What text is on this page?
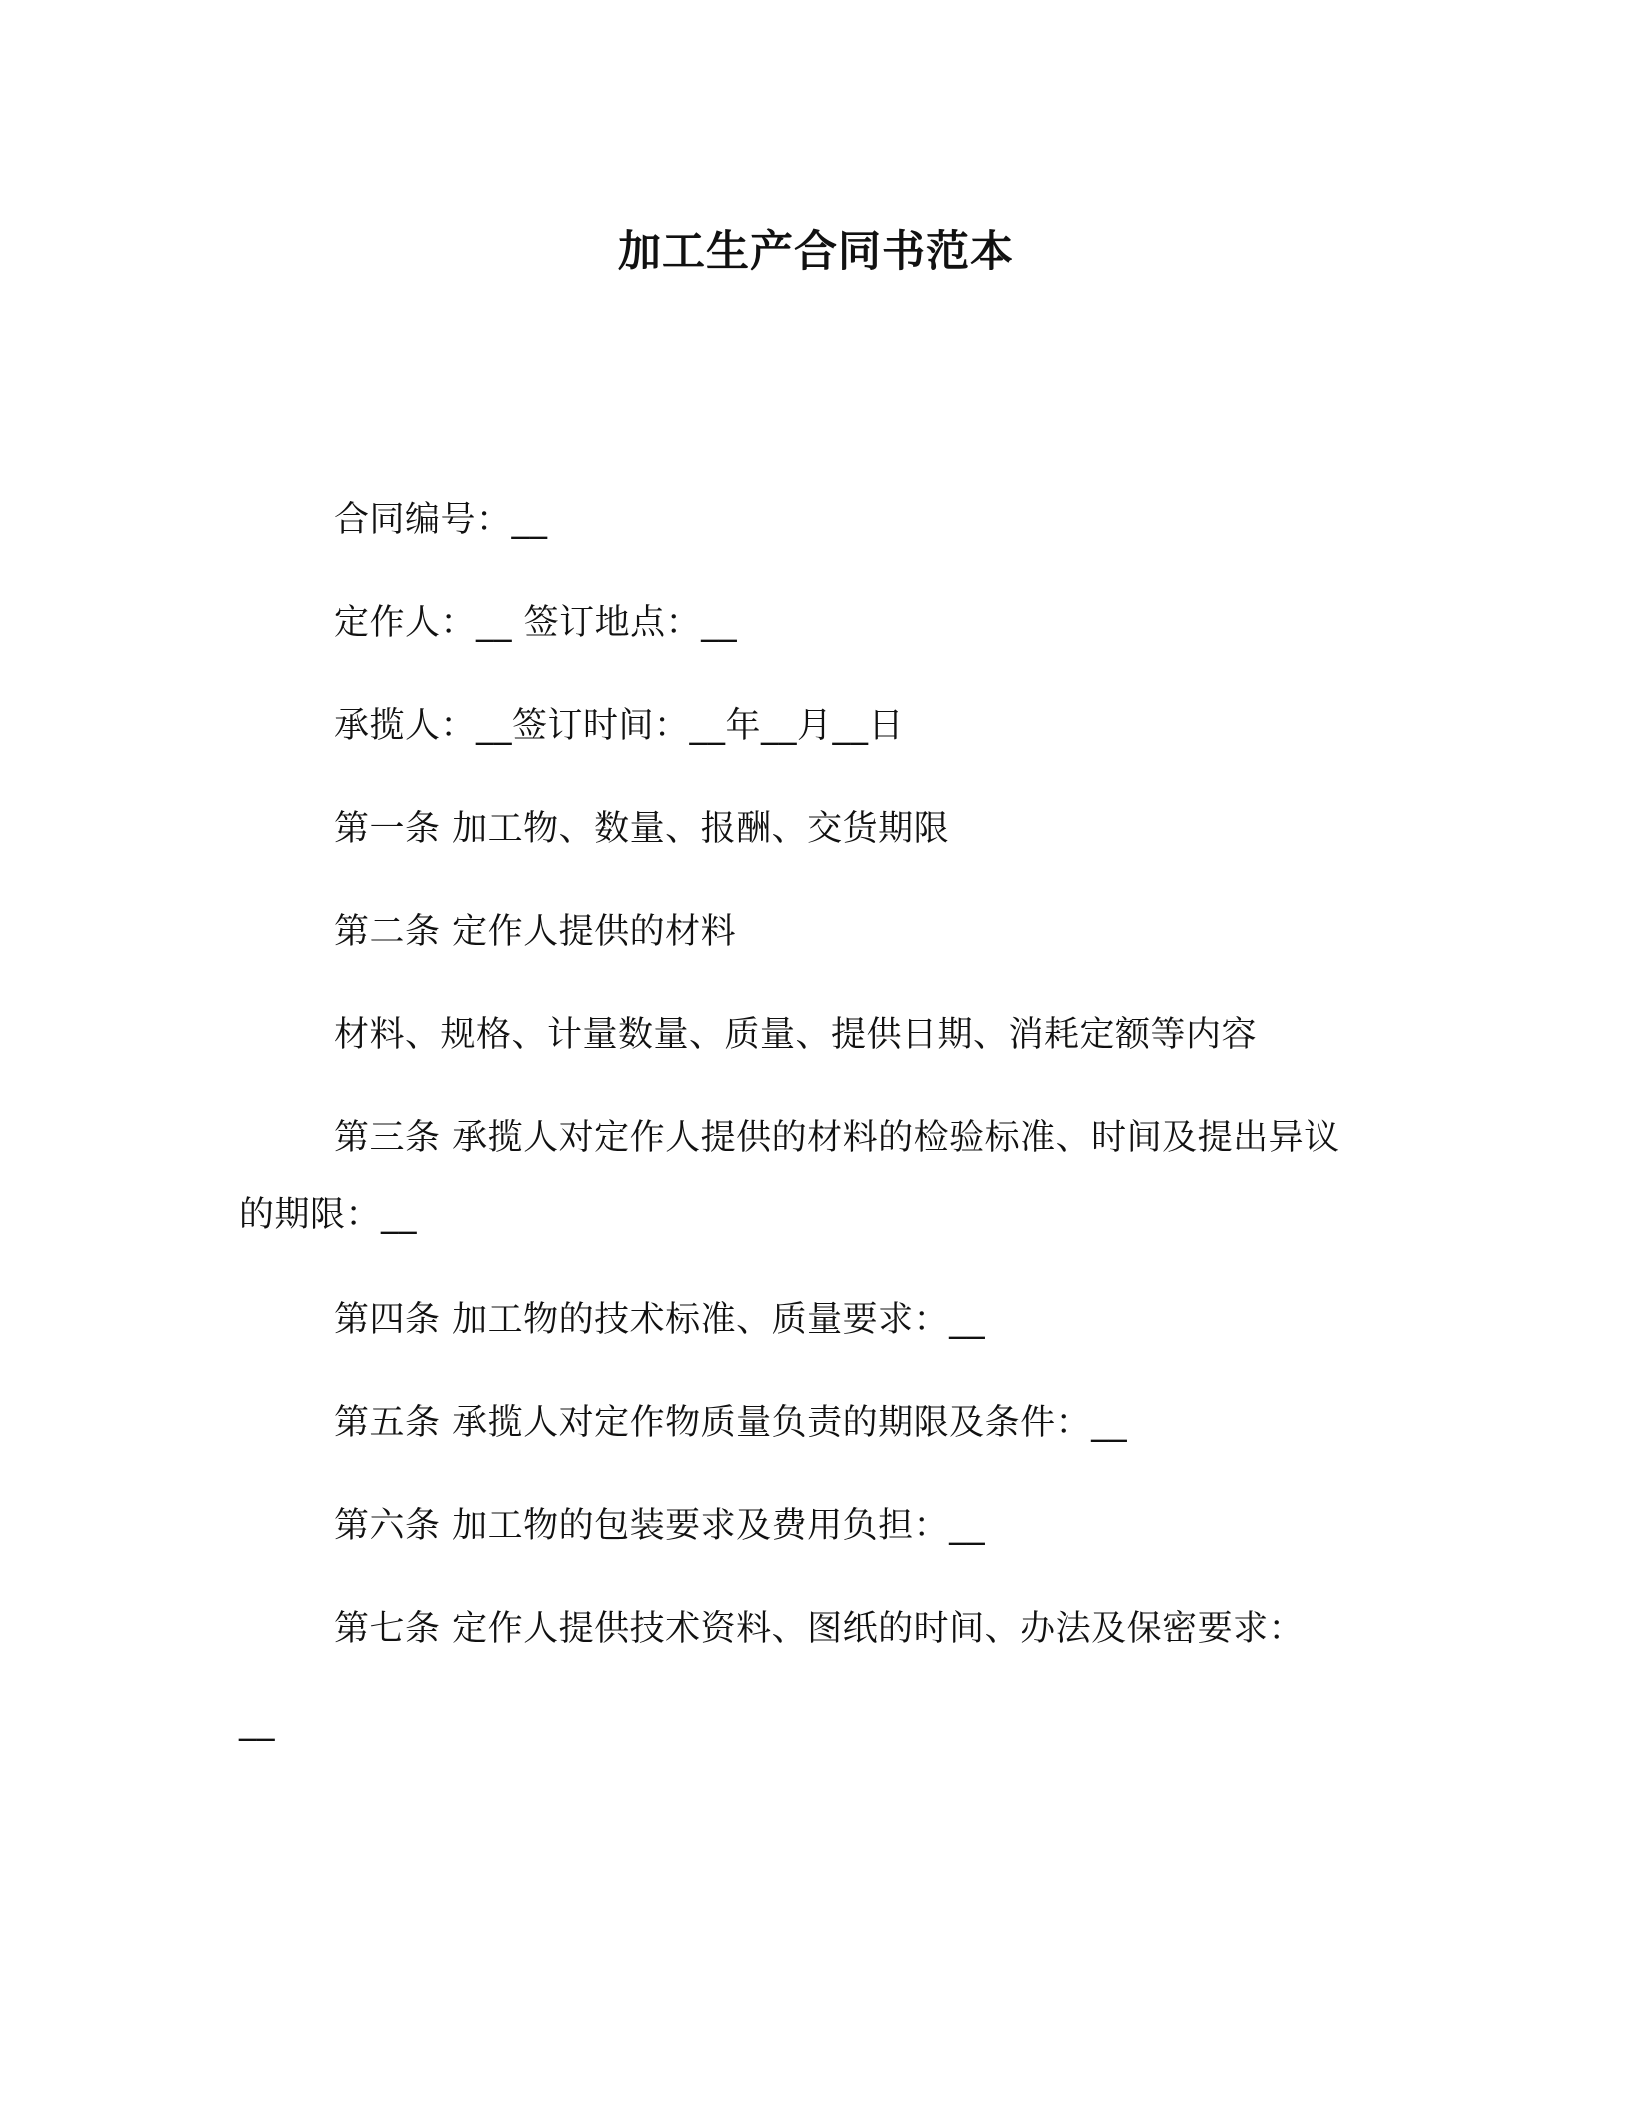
加工生产合同书范本
合同编号：__
定作人：__ 签订地点：__
承揽人：__签订时间：__年__月__日
第一条 加工物、数量、报酬、交货期限
第二条 定作人提供的材料
材料、规格、计量数量、质量、提供日期、消耗定额等内容
第三条 承揽人对定作人提供的材料的检验标准、时间及提出异议
的期限：__
第四条 加工物的技术标准、质量要求：__
第五条 承揽人对定作物质量负责的期限及条件：__
第六条 加工物的包装要求及费用负担：__
第七条 定作人提供技术资料、图纸的时间、办法及保密要求：
__
